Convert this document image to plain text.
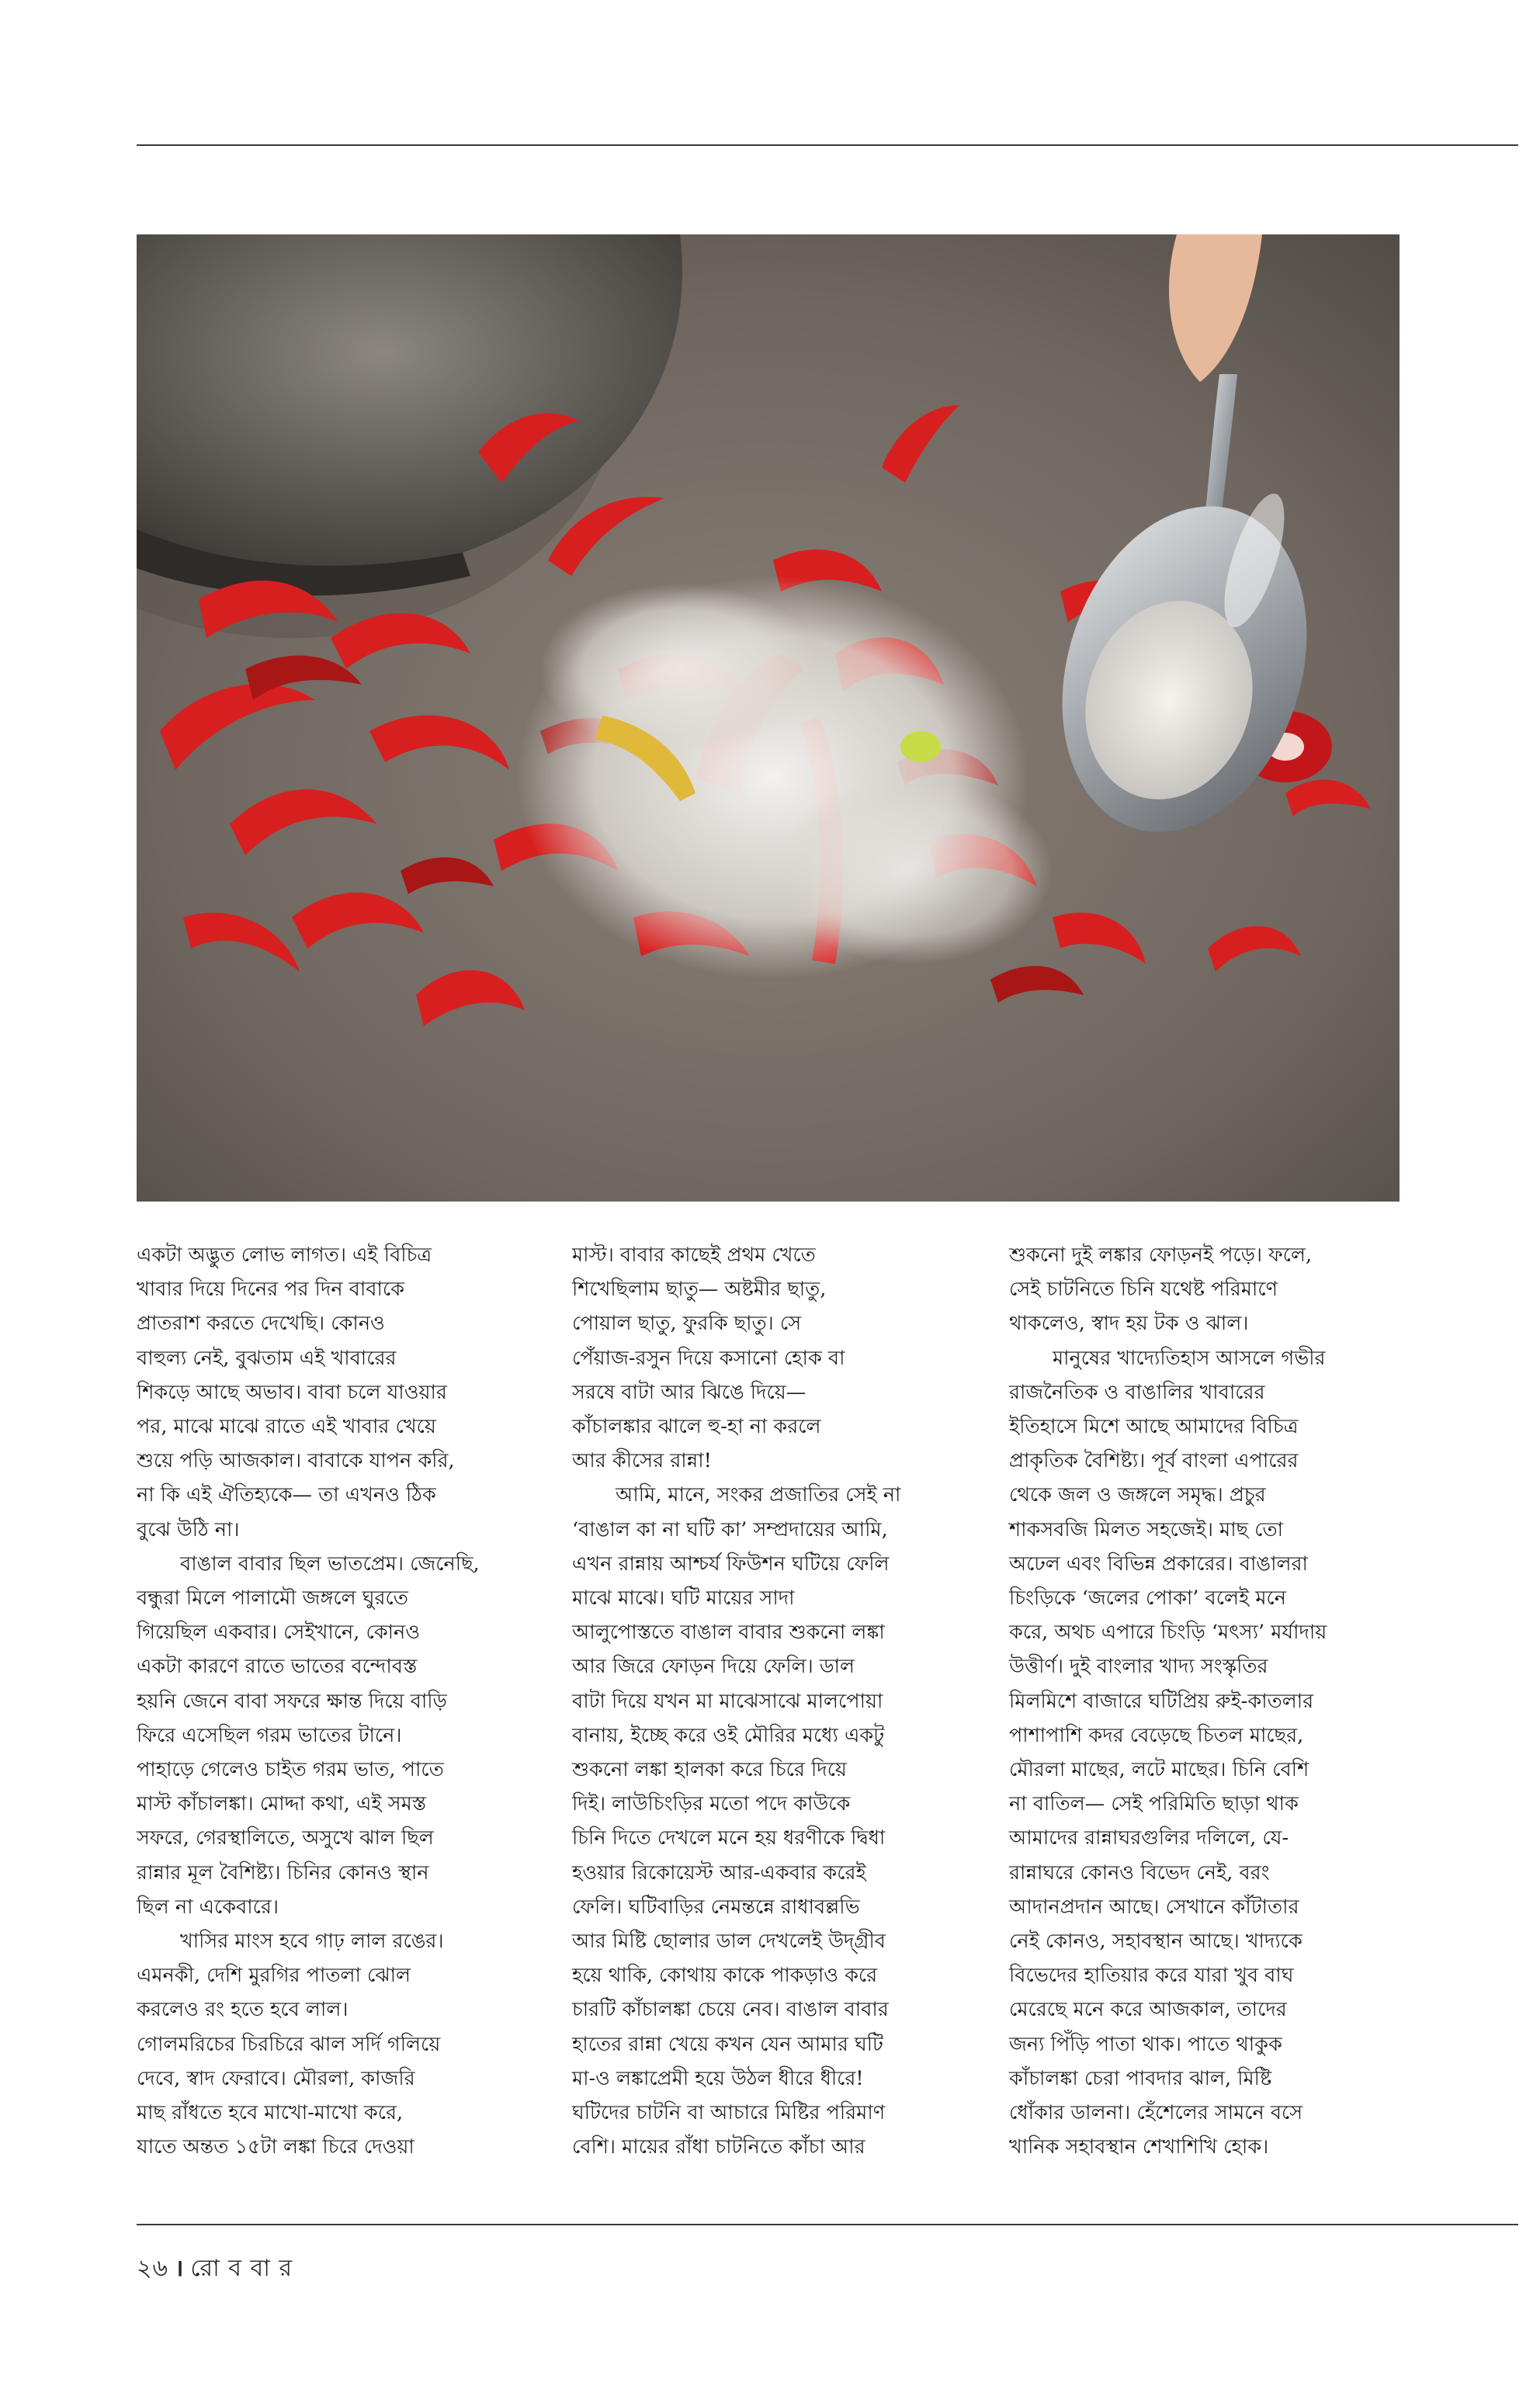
একটা অদ্ভুত লোভ লাগত। এই বিচিত্র

খাবার দিয়ে দিনের পর দিন বাবাকে

প্রাতরাশ করতে দেখেছি। কোনও

বাহুল্য নেই, বুঝতাম এই খাবারের

শিকড়ে আছে অভাব। বাবা চলে যাওয়ার

পর, মাঝে মাঝে রাতে এই খাবার খেয়ে

শুয়ে পড়ি আজকাল। বাবাকে যাপন করি,

না কি এই ঐতিহ্যকে— তা এখনও ঠিক

বুঝে উঠি না।

বাঙাল বাবার ছিল ভাতপ্রেম। জেনেছি,

বন্ধুরা মিলে পালামৌ জঙ্গলে ঘুরতে

গিয়েছিল একবার। সেইখানে, কোনও

একটা কারণে রাতে ভাতের বন্দোবস্ত

হয়নি জেনে বাবা সফরে ক্ষান্ত দিয়ে বাড়ি

ফিরে এসেছিল গরম ভাতের টানে।

পাহাড়ে গেলেও চাইত গরম ভাত, পাতে

মাস্ট কাঁচালঙ্কা। মোদ্দা কথা, এই সমস্ত

সফরে, গেরস্থালিতে, অসুখে ঝাল ছিল

রান্নার মূল বৈশিষ্ট্য। চিনির কোনও স্থান

ছিল না একেবারে।

খাসির মাংস হবে গাঢ় লাল রঙের।

এমনকী, দেশি মুরগির পাতলা ঝোল

করলেও রং হতে হবে লাল।

গোলমরিচের চিরচিরে ঝাল সর্দি গলিয়ে

দেবে, স্বাদ ফেরাবে। মৌরলা, কাজরি

মাছ রাঁধতে হবে মাখো-মাখো করে,

যাতে অন্তত ১৫টা লঙ্কা চিরে দেওয়া

মাস্ট। বাবার কাছেই প্রথম খেতে

শিখেছিলাম ছাতু— অষ্টমীর ছাতু,

পোয়াল ছাতু, ফুরকি ছাতু। সে

পেঁয়াজ-রসুন দিয়ে কসানো হোক বা

সরষে বাটা আর ঝিঙে দিয়ে—

কাঁচালঙ্কার ঝালে হু-হা না করলে

আর কীসের রান্না!

আমি, মানে, সংকর প্রজাতির সেই না

‘বাঙাল কা না ঘটি কা’ সম্প্রদায়ের আমি,

এখন রান্নায় আশ্চর্য ফিউশন ঘটিয়ে ফেলি

মাঝে মাঝে। ঘটি মায়ের সাদা

আলুপোস্ততে বাঙাল বাবার শুকনো লঙ্কা

আর জিরে ফোড়ন দিয়ে ফেলি। ডাল

বাটা দিয়ে যখন মা মাঝেসাঝে মালপোয়া

বানায়, ইচ্ছে করে ওই মৌরির মধ্যে একটু

শুকনো লঙ্কা হালকা করে চিরে দিয়ে

দিই। লাউচিংড়ির মতো পদে কাউকে

চিনি দিতে দেখলে মনে হয় ধরণীকে দ্বিধা

হওয়ার রিকোয়েস্ট আর-একবার করেই

ফেলি। ঘটিবাড়ির নেমন্তন্নে রাধাবল্লভি

আর মিষ্টি ছোলার ডাল দেখলেই উদ্গ্রীব

হয়ে থাকি, কোথায় কাকে পাকড়াও করে

চারটি কাঁচালঙ্কা চেয়ে নেব। বাঙাল বাবার

হাতের রান্না খেয়ে কখন যেন আমার ঘটি

মা-ও লঙ্কাপ্রেমী হয়ে উঠল ধীরে ধীরে!

ঘটিদের চাটনি বা আচারে মিষ্টির পরিমাণ

বেশি। মায়ের রাঁধা চাটনিতে কাঁচা আর

শুকনো দুই লঙ্কার ফোড়নই পড়ে। ফলে,

সেই চাটনিতে চিনি যথেষ্ট পরিমাণে

থাকলেও, স্বাদ হয় টক ও ঝাল।

মানুষের খাদ্যেতিহাস আসলে গভীর

রাজনৈতিক ও বাঙালির খাবারের

ইতিহাসে মিশে আছে আমাদের বিচিত্র

প্রাকৃতিক বৈশিষ্ট্য। পূর্ব বাংলা এপারের

থেকে জল ও জঙ্গলে সমৃদ্ধ। প্রচুর

শাকসবজি মিলত সহজেই। মাছ তো

অঢেল এবং বিভিন্ন প্রকারের। বাঙালরা

চিংড়িকে ‘জলের পোকা’ বলেই মনে

করে, অথচ এপারে চিংড়ি ‘মৎস্য’ মর্যাদায়

উত্তীর্ণ। দুই বাংলার খাদ্য সংস্কৃতির

মিলমিশে বাজারে ঘটিপ্রিয় রুই-কাতলার

পাশাপাশি কদর বেড়েছে চিতল মাছের,

মৌরলা মাছের, লটে মাছের। চিনি বেশি

না বাতিল— সেই পরিমিতি ছাড়া থাক

আমাদের রান্নাঘরগুলির দলিলে, যে-

রান্নাঘরে কোনও বিভেদ নেই, বরং

আদানপ্রদান আছে। সেখানে কাঁটাতার

নেই কোনও, সহাবস্থান আছে। খাদ্যকে

বিভেদের হাতিয়ার করে যারা খুব বাঘ

মেরেছে মনে করে আজকাল, তাদের

জন্য পিঁড়ি পাতা থাক। পাতে থাকুক

কাঁচালঙ্কা চেরা পাবদার ঝাল, মিষ্টি

ধোঁকার ডালনা। হেঁশেলের সামনে বসে

খানিক সহাবস্থান শেখাশিখি হোক।

২৬ । রো ব বা র
